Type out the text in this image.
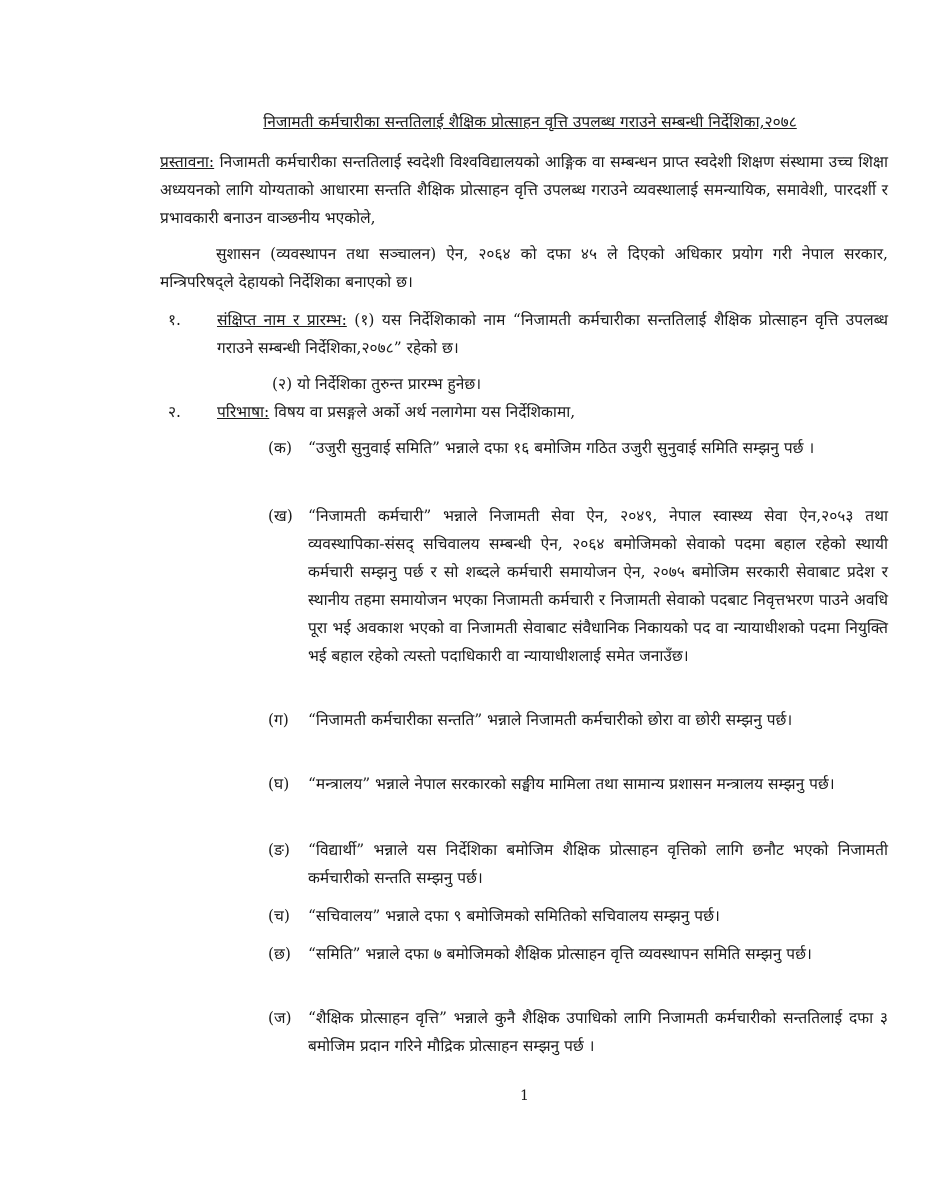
निजामती कर्मचारीका सन्ततिलाई शैक्षिक प्रोत्साहन वृत्ति उपलब्ध गराउने सम्बन्धी निर्देशिका,२०७८
प्रस्तावना: निजामती कर्मचारीका सन्ततिलाई स्वदेशी विश्वविद्यालयको आङ्गिक वा सम्बन्धन प्राप्त स्वदेशी शिक्षण संस्थामा उच्च शिक्षा अध्ययनको लागि योग्यताको आधारमा सन्तति शैक्षिक प्रोत्साहन वृत्ति उपलब्ध गराउने व्यवस्थालाई समन्यायिक, समावेशी, पारदर्शी र प्रभावकारी बनाउन वाञ्छनीय भएकोले,
सुशासन (व्यवस्थापन तथा सञ्चालन) ऐन, २०६४ को दफा ४५ ले दिएको अधिकार प्रयोग गरी नेपाल सरकार, मन्त्रिपरिषद्‌ले देहायको निर्देशिका बनाएको छ।
१.	संक्षिप्त नाम र प्रारम्भ: (१) यस निर्देशिकाको नाम “निजामती कर्मचारीका सन्ततिलाई शैक्षिक प्रोत्साहन वृत्ति उपलब्ध गराउने सम्बन्धी निर्देशिका,२०७८” रहेको छ।
(२) यो निर्देशिका तुरुन्त प्रारम्भ हुनेछ।
२.	परिभाषा: विषय वा प्रसङ्गले अर्को अर्थ नलागेमा यस निर्देशिकामा,
(क)	“उजुरी सुनुवाई समिति” भन्नाले दफा १६ बमोजिम गठित उजुरी सुनुवाई समिति सम्झनु पर्छ ।
(ख) “निजामती कर्मचारी” भन्नाले निजामती सेवा ऐन, २०४९, नेपाल स्वास्थ्य सेवा ऐन,२०५३ तथा व्यवस्थापिका-संसद् सचिवालय सम्बन्धी ऐन, २०६४ बमोजिमको सेवाको पदमा बहाल रहेको स्थायी कर्मचारी सम्झनु पर्छ र सो शब्दले कर्मचारी समायोजन ऐन, २०७५ बमोजिम सरकारी सेवाबाट प्रदेश र स्थानीय तहमा समायोजन भएका निजामती कर्मचारी र निजामती सेवाको पदबाट निवृत्तभरण पाउने अवधि पूरा भई अवकाश भएको वा निजामती सेवाबाट संवैधानिक निकायको पद वा न्यायाधीशको पदमा नियुक्ति भई बहाल रहेको त्यस्तो पदाधिकारी वा न्यायाधीशलाई समेत जनाउँछ।
(ग)	“निजामती कर्मचारीका सन्तति” भन्नाले निजामती कर्मचारीको छोरा वा छोरी सम्झनु पर्छ।
(घ)	“मन्त्रालय” भन्नाले नेपाल सरकारको सङ्घीय मामिला तथा सामान्य प्रशासन मन्त्रालय सम्झनु पर्छ।
(ङ)	“विद्यार्थी” भन्नाले यस निर्देशिका बमोजिम शैक्षिक प्रोत्साहन वृत्तिको लागि छनौट भएको निजामती कर्मचारीको सन्तति सम्झनु पर्छ।
(च)	“सचिवालय” भन्नाले दफा ९ बमोजिमको समितिको सचिवालय सम्झनु पर्छ।
(छ)	“समिति” भन्नाले दफा ७ बमोजिमको शैक्षिक प्रोत्साहन वृत्ति व्यवस्थापन समिति सम्झनु पर्छ।
(ज)	“शैक्षिक प्रोत्साहन वृत्ति” भन्नाले कुनै शैक्षिक उपाधिको लागि निजामती कर्मचारीको सन्ततिलाई दफा ३ बमोजिम प्रदान गरिने मौद्रिक प्रोत्साहन सम्झनु पर्छ ।
1
